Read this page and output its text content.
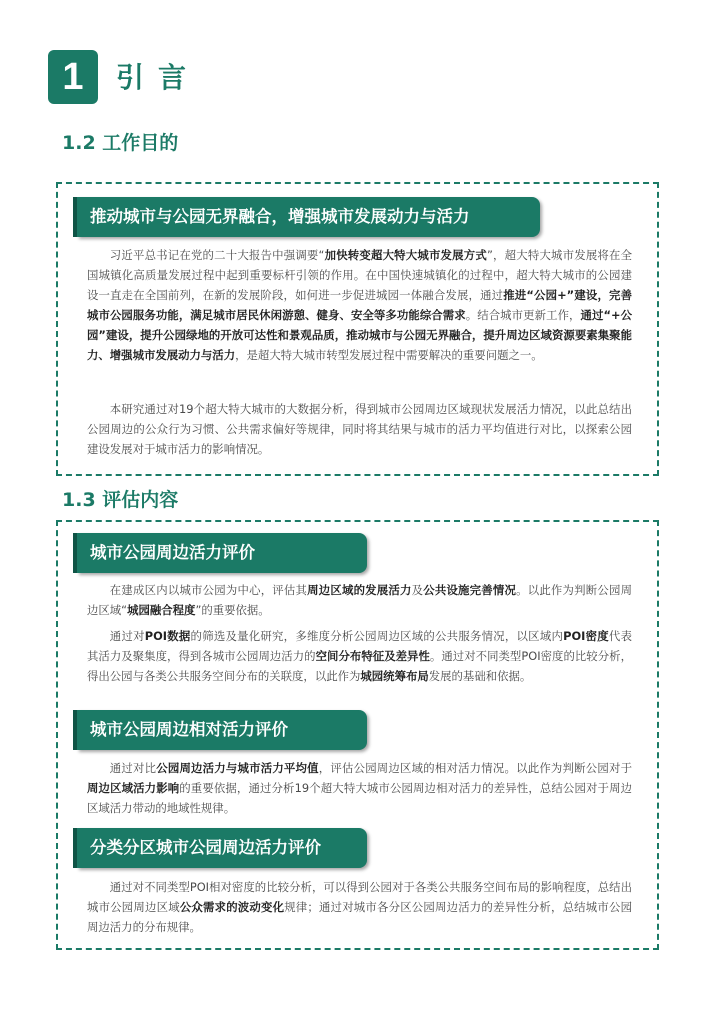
1	引言
1.2 工作目的
推动城市与公园无界融合，增强城市发展动力与活力
习近平总书记在党的二十大报告中强调要“加快转变超大特大城市发展方式”，超大特大城市发展将在全国城镇化高质量发展过程中起到重要标杆引领的作用。在中国快速城镇化的过程中，超大特大城市的公园建设一直走在全国前列，在新的发展阶段，如何进一步促进城园一体融合发展，通过推进“公园+”建设，完善城市公园服务功能，满足城市居民休闲游憩、健身、安全等多功能综合需求。结合城市更新工作，通过“+公园”建设，提升公园绿地的开放可达性和景观品质，推动城市与公园无界融合，提升周边区域资源要素集聚能力、增强城市发展动力与活力，是超大特大城市转型发展过程中需要解决的重要问题之一。
本研究通过对19个超大特大城市的大数据分析，得到城市公园周边区域现状发展活力情况，以此总结出公园周边的公众行为习惯、公共需求偏好等规律，同时将其结果与城市的活力平均值进行对比，以探索公园建设发展对于城市活力的影响情况。
1.3 评估内容
城市公园周边活力评价
在建成区内以城市公园为中心，评估其周边区域的发展活力及公共设施完善情况。以此作为判断公园周边区域“城园融合程度”的重要依据。
通过对POI数据的筛选及量化研究，多维度分析公园周边区域的公共服务情况，以区域内POI密度代表其活力及聚集度，得到各城市公园周边活力的空间分布特征及差异性。通过对不同类型POI密度的比较分析，得出公园与各类公共服务空间分布的关联度，以此作为城园统筹布局发展的基础和依据。
城市公园周边相对活力评价
通过对比公园周边活力与城市活力平均值，评估公园周边区域的相对活力情况。以此作为判断公园对于周边区域活力影响的重要依据，通过分析19个超大特大城市公园周边相对活力的差异性，总结公园对于周边区域活力带动的地域性规律。
分类分区城市公园周边活力评价
通过对不同类型POI相对密度的比较分析，可以得到公园对于各类公共服务空间布局的影响程度，总结出城市公园周边区域公众需求的波动变化规律；通过对城市各分区公园周边活力的差异性分析，总结城市公园周边活力的分布规律。
